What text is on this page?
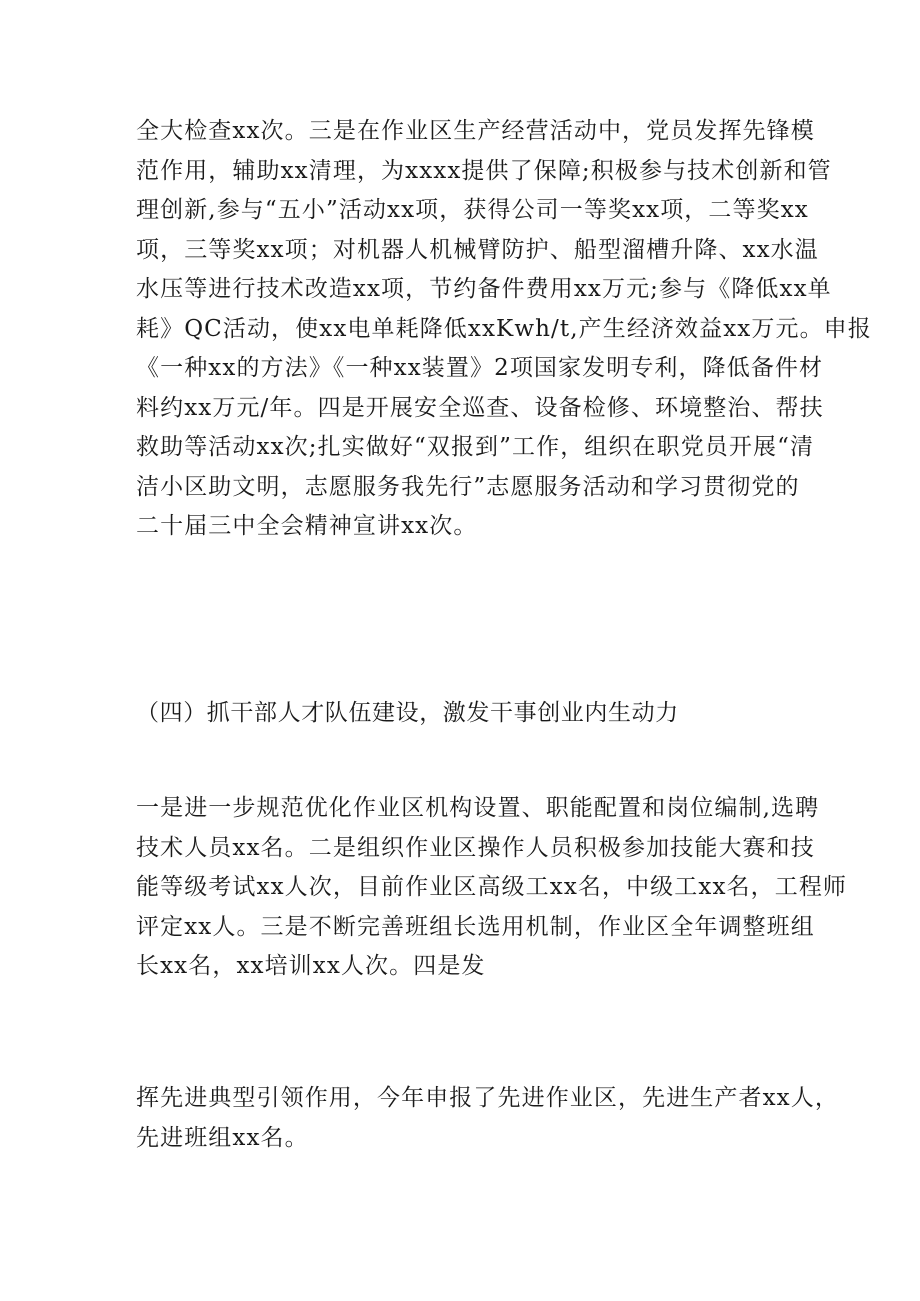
全大检查xx次。三是在作业区生产经营活动中，党员发挥先锋模
范作用，辅助xx清理，为xxxx提供了保障;积极参与技术创新和管
理创新,参与“五小”活动xx项，获得公司一等奖xx项，二等奖xx
项，三等奖xx项；对机器人机械臂防护、船型溜槽升降、xx水温
水压等进行技术改造xx项，节约备件费用xx万元;参与《降低xx单
耗》QC活动，使xx电单耗降低xxKwh/t,产生经济效益xx万元。申报
《一种xx的方法》《一种xx装置》2项国家发明专利，降低备件材
料约xx万元/年。四是开展安全巡查、设备检修、环境整治、帮扶
救助等活动xx次;扎实做好“双报到”工作，组织在职党员开展“清
洁小区助文明，志愿服务我先行”志愿服务活动和学习贯彻党的
二十届三中全会精神宣讲xx次。
（四）抓干部人才队伍建设，激发干事创业内生动力
一是进一步规范优化作业区机构设置、职能配置和岗位编制,选聘
技术人员xx名。二是组织作业区操作人员积极参加技能大赛和技
能等级考试xx人次，目前作业区高级工xx名，中级工xx名，工程师
评定xx人。三是不断完善班组长选用机制，作业区全年调整班组
长xx名，xx培训xx人次。四是发
挥先进典型引领作用，今年申报了先进作业区，先进生产者xx人，
先进班组xx名。
